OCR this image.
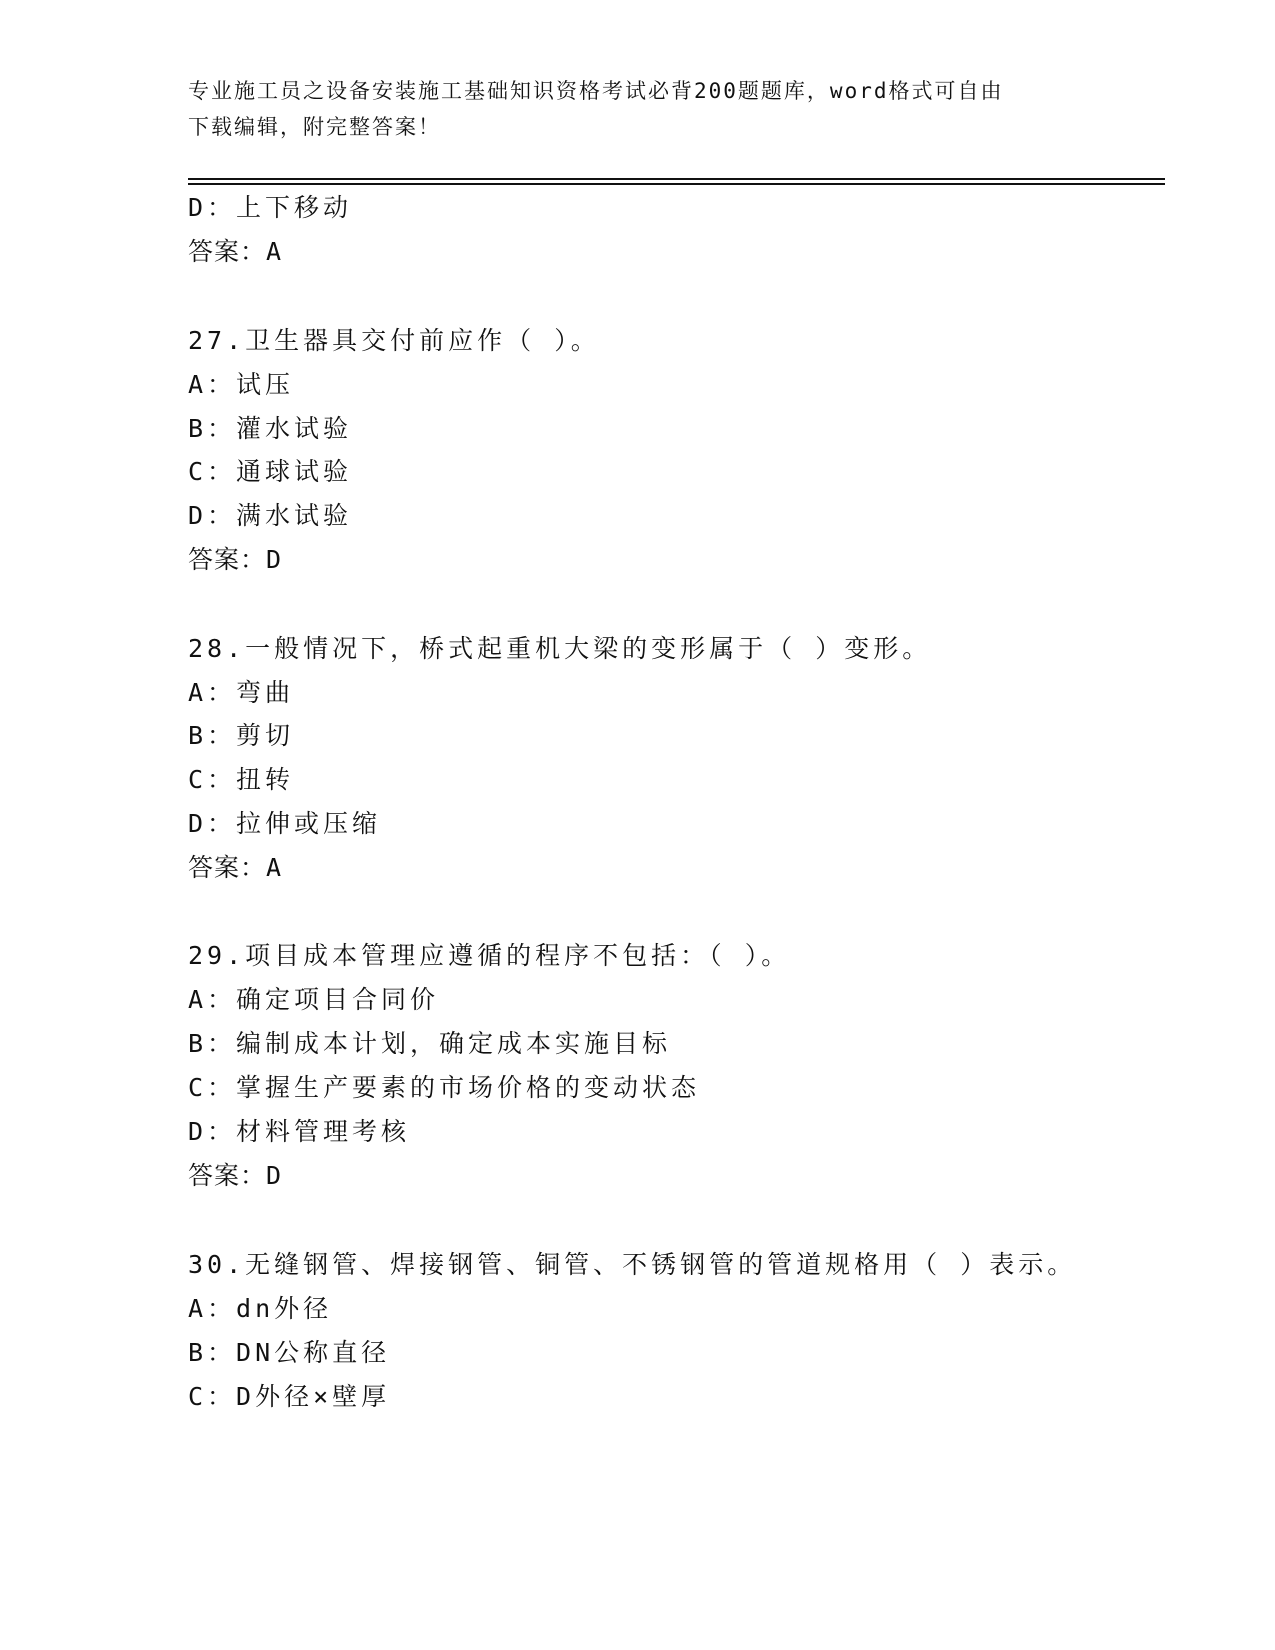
专业施工员之设备安装施工基础知识资格考试必背200题题库，word格式可自由
下载编辑，附完整答案！
D：上下移动
答案：A
27.卫生器具交付前应作（ ）。
A：试压
B：灌水试验
C：通球试验
D：满水试验
答案：D
28.一般情况下，桥式起重机大梁的变形属于（ ）变形。
A：弯曲
B：剪切
C：扭转
D：拉伸或压缩
答案：A
29.项目成本管理应遵循的程序不包括：（ ）。
A：确定项目合同价
B：编制成本计划，确定成本实施目标
C：掌握生产要素的市场价格的变动状态
D：材料管理考核
答案：D
30.无缝钢管、焊接钢管、铜管、不锈钢管的管道规格用（ ）表示。
A：dn外径
B：DN公称直径
C：D外径×壁厚
